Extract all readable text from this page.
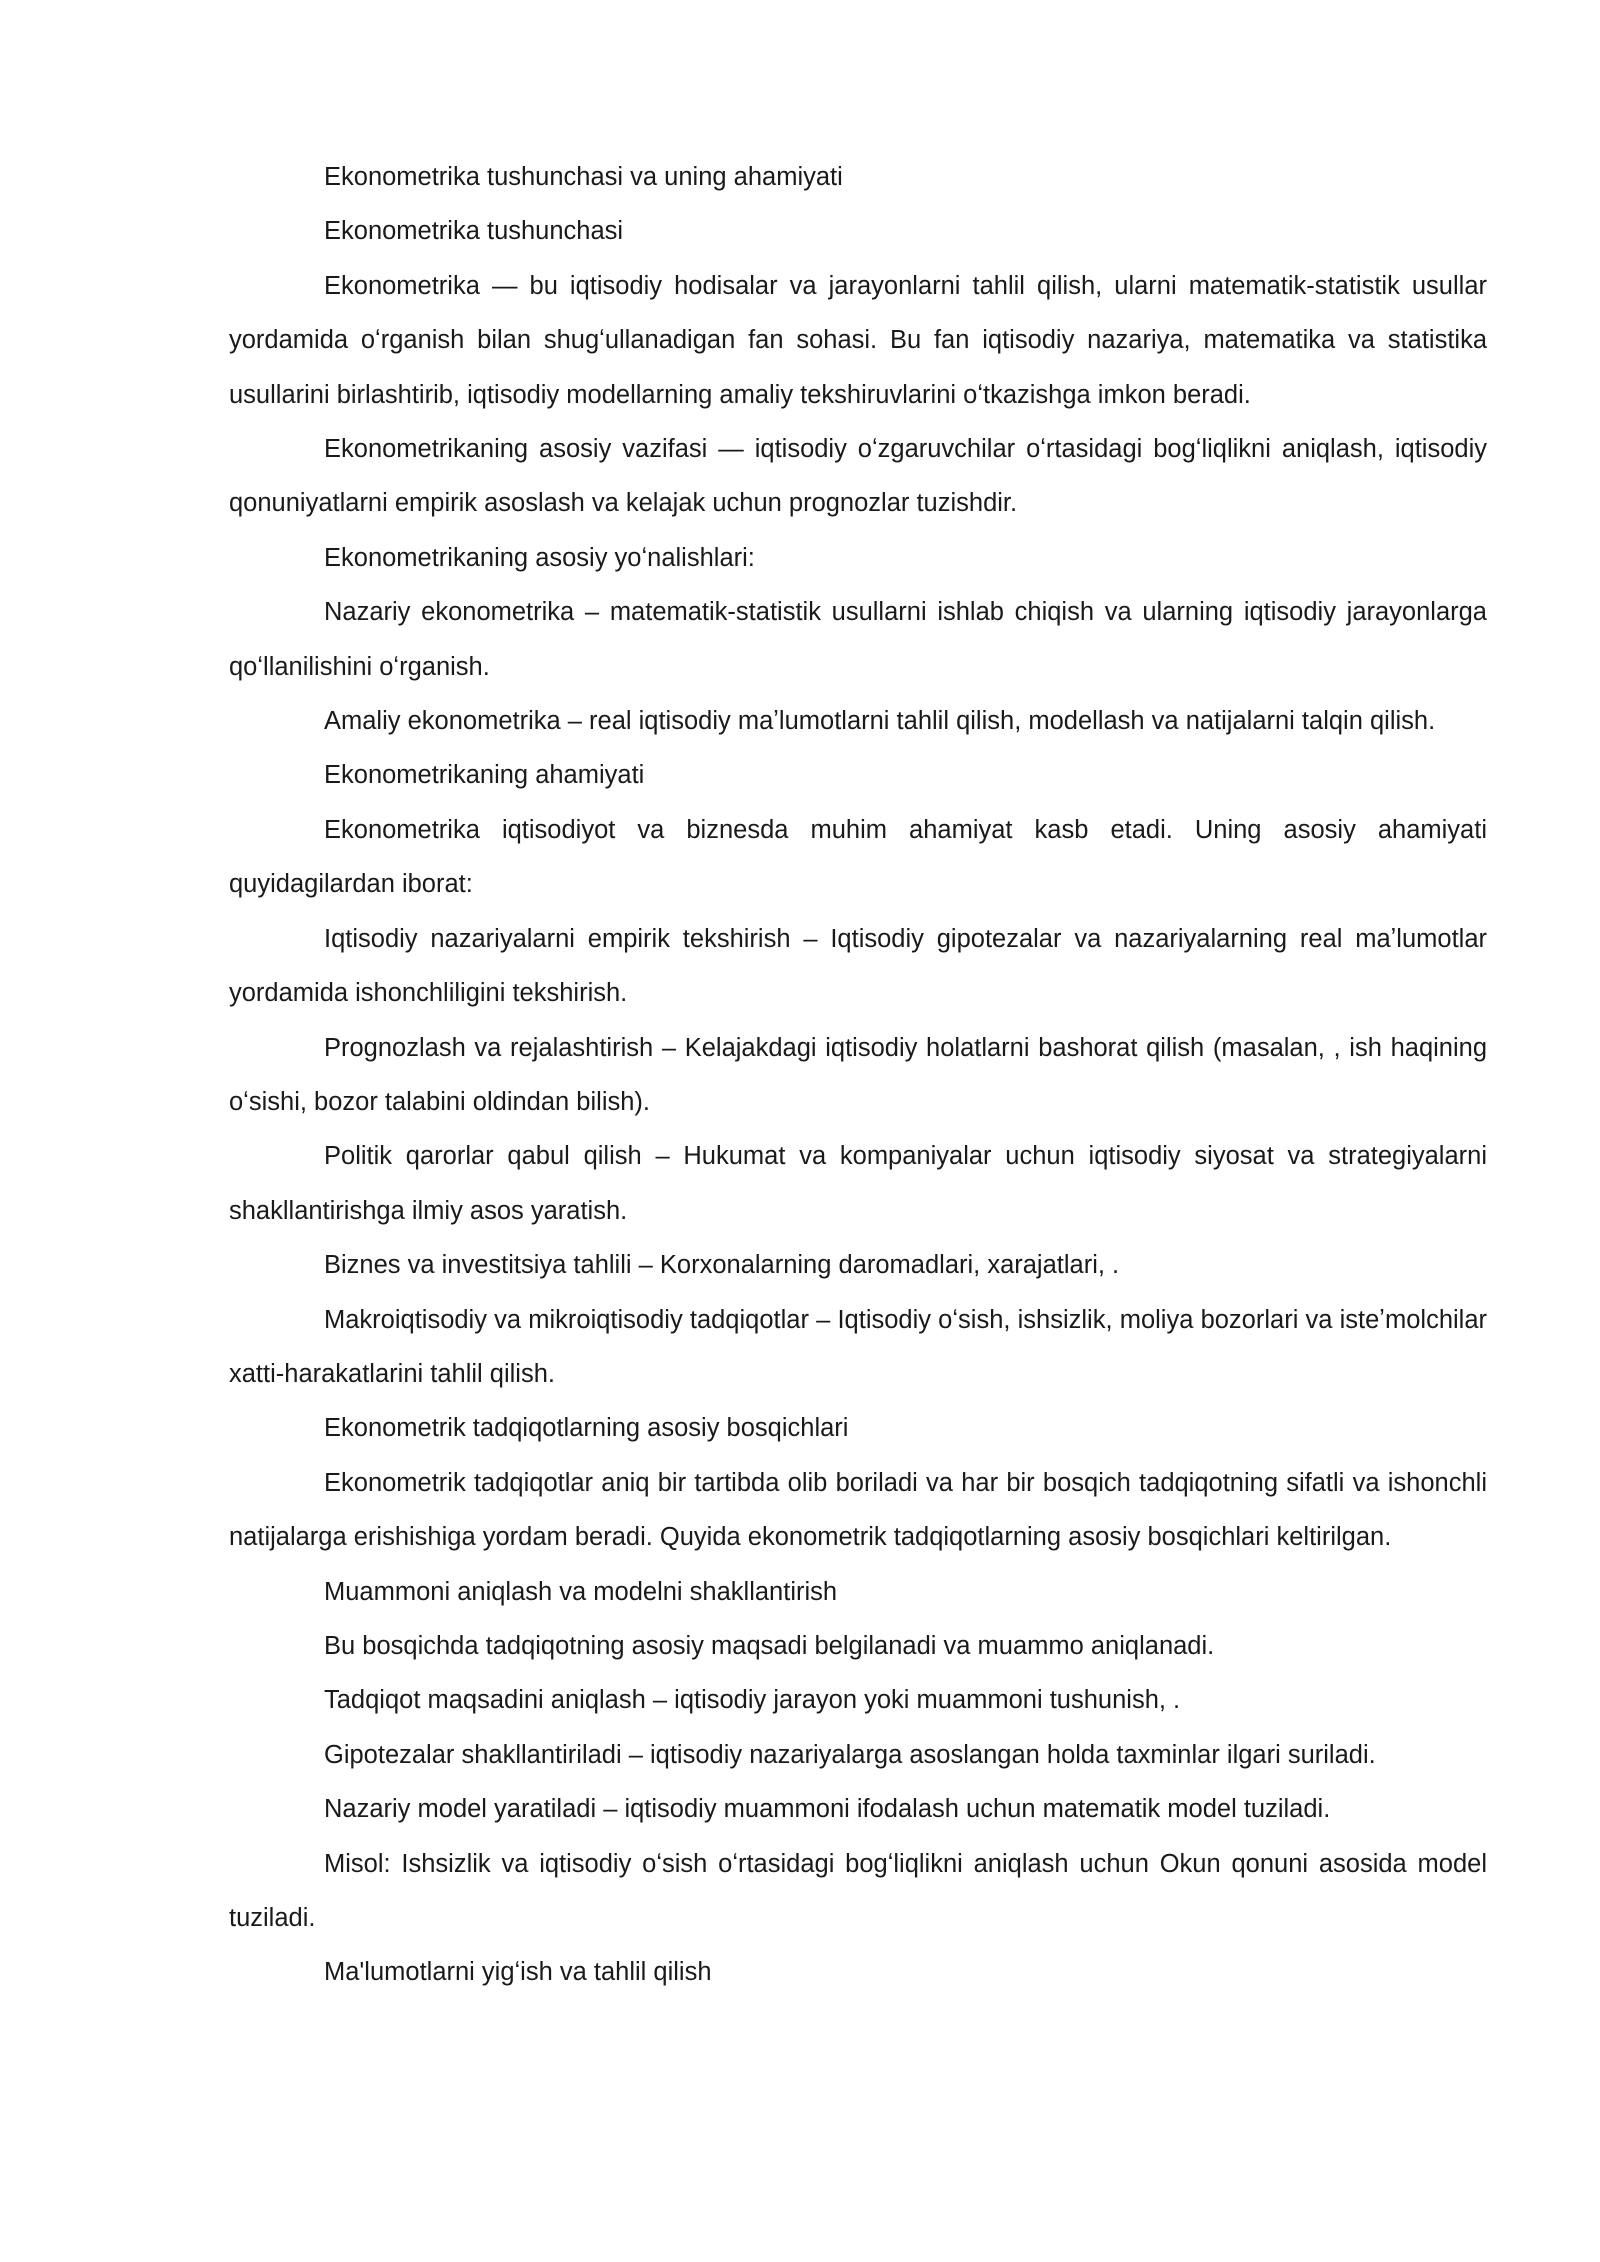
Ekonometrika tushunchasi va uning ahamiyati

Ekonometrika tushunchasi

Ekonometrika — bu iqtisodiy hodisalar va jarayonlarni tahlil qilish, ularni matematik-statistik usullar yordamida oʻrganish bilan shugʻullanadigan fan sohasi. Bu fan iqtisodiy nazariya, matematika va statistika usullarini birlashtirib, iqtisodiy modellarning amaliy tekshiruvlarini oʻtkazishga imkon beradi.

Ekonometrikaning asosiy vazifasi — iqtisodiy oʻzgaruvchilar oʻrtasidagi bogʻliqlikni aniqlash, iqtisodiy qonuniyatlarni empirik asoslash va kelajak uchun prognozlar tuzishdir.

Ekonometrikaning asosiy yoʻnalishlari:

Nazariy ekonometrika – matematik-statistik usullarni ishlab chiqish va ularning iqtisodiy jarayonlarga qoʻllanilishini oʻrganish.

Amaliy ekonometrika – real iqtisodiy maʼlumotlarni tahlil qilish, modellash va natijalarni talqin qilish.

Ekonometrikaning ahamiyati

Ekonometrika iqtisodiyot va biznesda muhim ahamiyat kasb etadi. Uning asosiy ahamiyati quyidagilardan iborat:

Iqtisodiy nazariyalarni empirik tekshirish – Iqtisodiy gipotezalar va nazariyalarning real maʼlumotlar yordamida ishonchliligini tekshirish.

Prognozlash va rejalashtirish – Kelajakdagi iqtisodiy holatlarni bashorat qilish (masalan, , ish haqining oʻsishi, bozor talabini oldindan bilish).

Politik qarorlar qabul qilish – Hukumat va kompaniyalar uchun iqtisodiy siyosat va strategiyalarni shakllantirishga ilmiy asos yaratish.

Biznes va investitsiya tahlili – Korxonalarning daromadlari, xarajatlari, .

Makroiqtisodiy va mikroiqtisodiy tadqiqotlar – Iqtisodiy oʻsish, ishsizlik, moliya bozorlari va isteʼmolchilar xatti-harakatlarini tahlil qilish.

Ekonometrik tadqiqotlarning asosiy bosqichlari

Ekonometrik tadqiqotlar aniq bir tartibda olib boriladi va har bir bosqich tadqiqotning sifatli va ishonchli natijalarga erishishiga yordam beradi. Quyida ekonometrik tadqiqotlarning asosiy bosqichlari keltirilgan.

Muammoni aniqlash va modelni shakllantirish

Bu bosqichda tadqiqotning asosiy maqsadi belgilanadi va muammo aniqlanadi.

Tadqiqot maqsadini aniqlash – iqtisodiy jarayon yoki muammoni tushunish, .

Gipotezalar shakllantiriladi – iqtisodiy nazariyalarga asoslangan holda taxminlar ilgari suriladi.

Nazariy model yaratiladi – iqtisodiy muammoni ifodalash uchun matematik model tuziladi.

Misol: Ishsizlik va iqtisodiy oʻsish oʻrtasidagi bogʻliqlikni aniqlash uchun Okun qonuni asosida model tuziladi.

Ma'lumotlarni yigʻish va tahlil qilish
